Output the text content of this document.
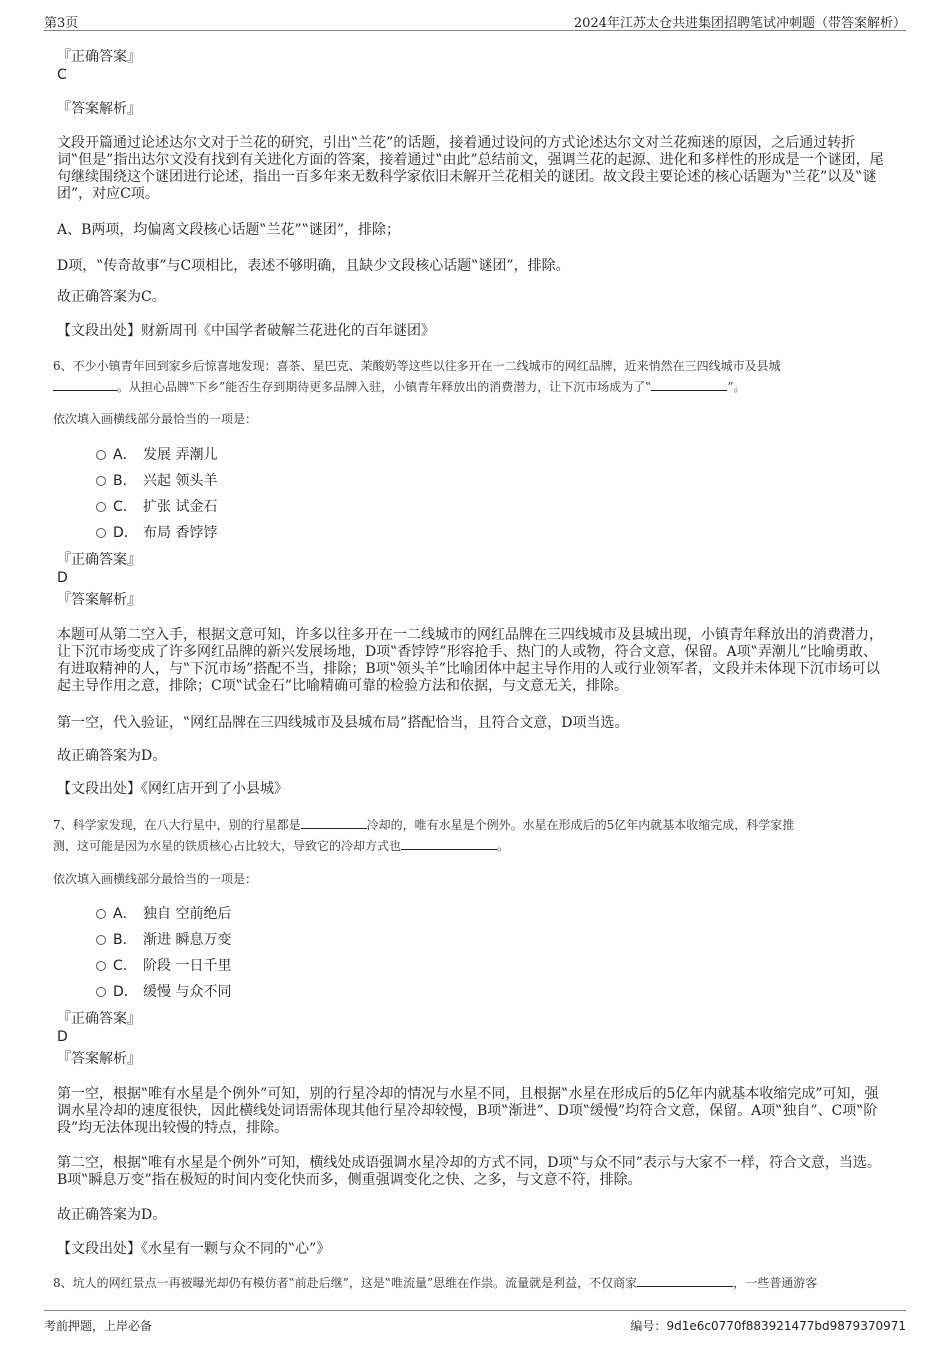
第3页	2024年江苏太仓共进集团招聘笔试冲刺题（带答案解析）
『正确答案』
C
『答案解析』
文段开篇通过论述达尔文对于兰花的研究，引出‟兰花”的话题，接着通过设问的方式论述达尔文对兰花痴迷的原因，之后通过转折词‟但是”指出达尔文没有找到有关进化方面的答案，接着通过‟由此”总结前文，强调兰花的起源、进化和多样性的形成是一个谜团，尾句继续围绕这个谜团进行论述，指出一百多年来无数科学家依旧未解开兰花相关的谜团。故文段主要论述的核心话题为‟兰花”以及‟谜团”，对应C项。
A、B两项，均偏离文段核心话题‟兰花”‟谜团”，排除；
D项，‟传奇故事”与C项相比，表述不够明确，且缺少文段核心话题‟谜团”，排除。
故正确答案为C。
【文段出处】财新周刊《中国学者破解兰花进化的百年谜团》
6、不少小镇青年回到家乡后惊喜地发现：喜茶、星巴克、茉酸奶等这些以往多开在一二线城市的网红品牌，近来悄然在三四线城市及县城
。从担心品牌‟下乡”能否生存到期待更多品牌入驻，小镇青年释放出的消费潜力，让下沉市场成为了‟	”。
依次填入画横线部分最恰当的一项是：
A． 发展 弄潮儿
B． 兴起 领头羊
C． 扩张 试金石
D． 布局 香饽饽
『正确答案』
D
『答案解析』
本题可从第二空入手，根据文意可知，许多以往多开在一二线城市的网红品牌在三四线城市及县城出现，小镇青年释放出的消费潜力，让下沉市场变成了许多网红品牌的新兴发展场地，D项‟香饽饽”形容抢手、热门的人或物，符合文意，保留。A项‟弄潮儿”比喻勇敢、有进取精神的人，与‟下沉市场”搭配不当，排除；B项‟领头羊”比喻团体中起主导作用的人或行业领军者，文段并未体现下沉市场可以起主导作用之意，排除；C项‟试金石”比喻精确可靠的检验方法和依据，与文意无关，排除。
第一空，代入验证，‟网红品牌在三四线城市及县城布局”搭配恰当，且符合文意，D项当选。
故正确答案为D。
【文段出处】《网红店开到了小县城》
7、科学家发现，在八大行星中，别的行星都是	冷却的，唯有水星是个例外。水星在形成后的5亿年内就基本收缩完成，科学家推
测，这可能是因为水星的铁质核心占比较大，导致它的冷却方式也	。
依次填入画横线部分最恰当的一项是：
A． 独自 空前绝后
B． 渐进 瞬息万变
C． 阶段 一日千里
D． 缓慢 与众不同
『正确答案』
D
『答案解析』
第一空，根据‟唯有水星是个例外”可知，别的行星冷却的情况与水星不同，且根据‟水星在形成后的5亿年内就基本收缩完成”可知，强调水星冷却的速度很快，因此横线处词语需体现其他行星冷却较慢，B项‟渐进”、D项‟缓慢”均符合文意，保留。A项‟独自”、C项‟阶段”均无法体现出较慢的特点，排除。
第二空，根据‟唯有水星是个例外”可知，横线处成语强调水星冷却的方式不同，D项‟与众不同”表示与大家不一样，符合文意，当选。B项‟瞬息万变”指在极短的时间内变化快而多，侧重强调变化之快、之多，与文意不符，排除。
故正确答案为D。
【文段出处】《水星有一颗与众不同的‟心”》
8、坑人的网红景点一再被曝光却仍有模仿者‟前赴后继”，这是‟唯流量”思维在作祟。流量就是利益，不仅商家	，一些普通游客
考前押题，上岸必备	编号：9d1e6c0770f883921477bd9879370971
